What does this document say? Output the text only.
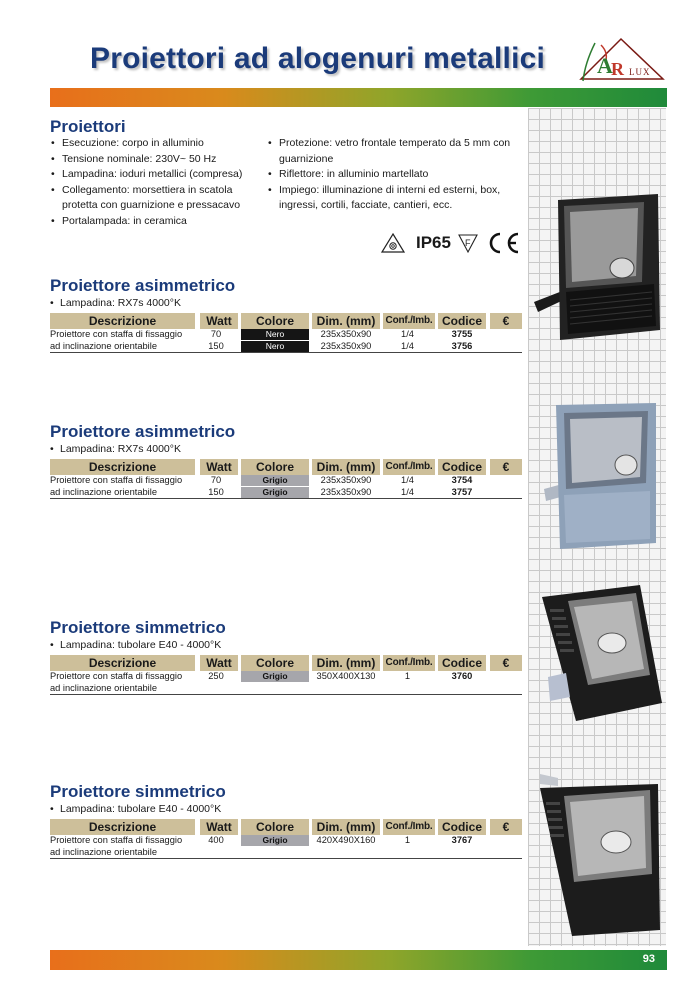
Proiettori ad alogenuri metallici A
R LUX
Proiettori
• Esecuzione: corpo in alluminio
• Tensione nominale: 230V~ 50 Hz
• Lampadina: ioduri metallici (compresa)
• Collegamento: morsettiera in scatola protetta con guarnizione e pressacavo
• Portalampada: in ceramica
• Protezione: vetro frontale temperato da 5 mm con guarnizione
• Riflettore: in alluminio martellato
• Impiego: illuminazione di interni ed esterni, box, ingressi, cortili, facciate, cantieri, ecc.
IP65 F
Proiettore asimmetrico
• Lampadina: RX7s 4000°K
Descrizione	Watt	Colore	Dim. (mm)	Conf./Imb. Codice	€
Proiettore con staffa di fissaggio	70	Nero	235x350x90	1/4	3755
ad inclinazione orientabile	150	Nero	235x350x90	1/4	3756
Proiettore asimmetrico
• Lampadina: RX7s 4000°K
Descrizione	Watt	Colore	Dim. (mm)	Conf./Imb. Codice	€
Proiettore con staffa di fissaggio	70	Grigio	235x350x90	1/4	3754
ad inclinazione orientabile	150	Grigio	235x350x90	1/4	3757
Proiettore simmetrico
• Lampadina: tubolare E40 - 4000°K
Descrizione	Watt	Colore	Dim. (mm)	Conf./Imb. Codice	€
Proiettore con staffa di fissaggio	250	Grigio	350X400X130	1	3760
ad inclinazione orientabile
Proiettore simmetrico
• Lampadina: tubolare E40 - 4000°K
Descrizione	Watt	Colore	Dim. (mm)	Conf./Imb. Codice	€
Proiettore con staffa di fissaggio	400	Grigio	420X490X160	1	3767
ad inclinazione orientabile
93
